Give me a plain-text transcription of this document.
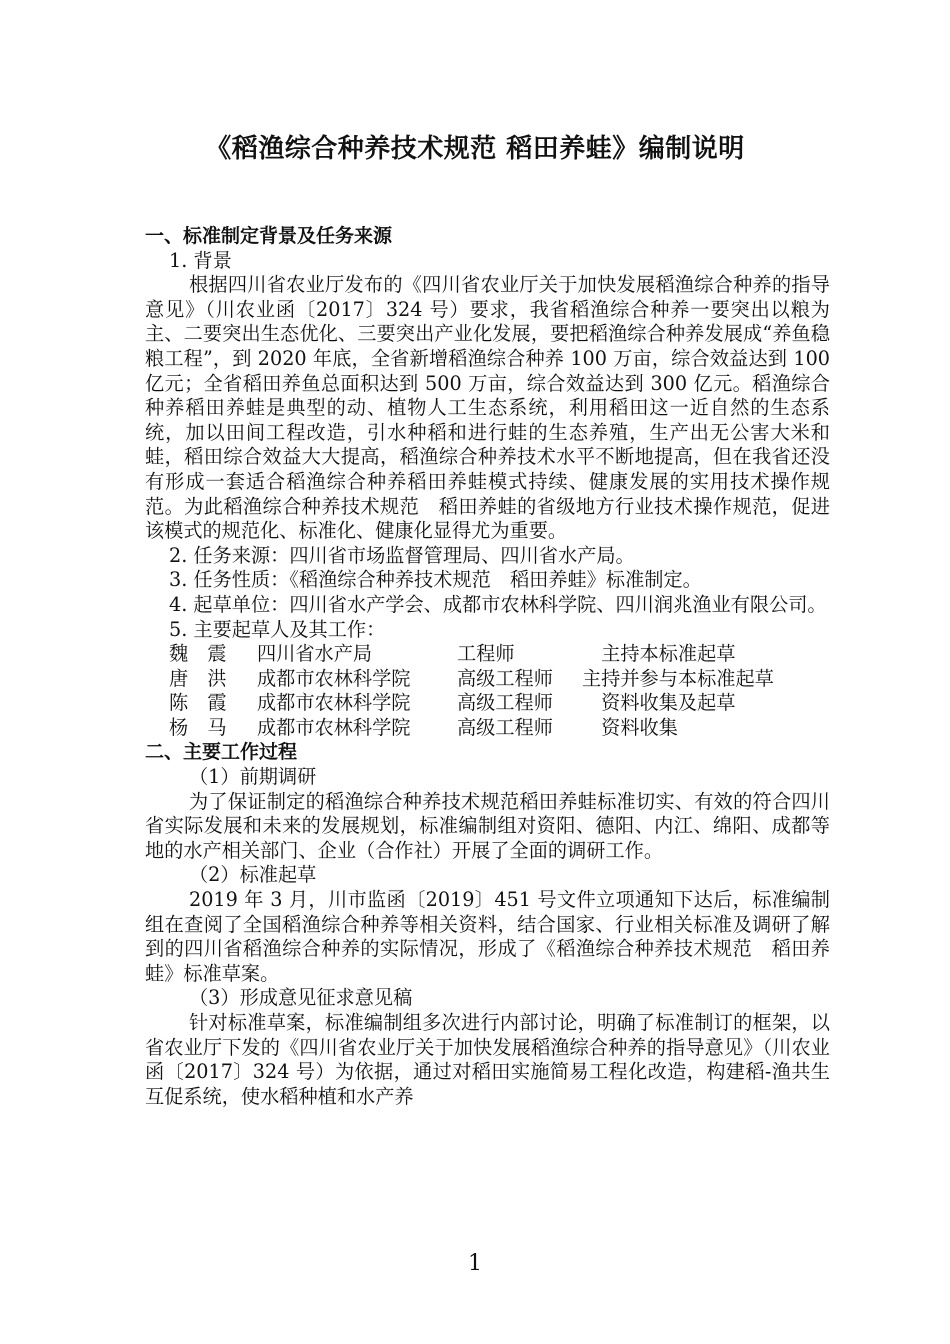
《稻渔综合种养技术规范 稻田养蛙》编制说明
一、标准制定背景及任务来源
1. 背景
根据四川省农业厅发布的《四川省农业厅关于加快发展稻渔综合种养的指导意见》（川农业函〔2017〕324 号）要求，我省稻渔综合种养一要突出以粮为主、二要突出生态优化、三要突出产业化发展，要把稻渔综合种养发展成“养鱼稳粮工程”，到 2020 年底，全省新增稻渔综合种养 100 万亩，综合效益达到 100 亿元；全省稻田养鱼总面积达到 500 万亩，综合效益达到 300 亿元。稻渔综合种养稻田养蛙是典型的动、植物人工生态系统，利用稻田这一近自然的生态系统，加以田间工程改造，引水种稻和进行蛙的生态养殖，生产出无公害大米和蛙，稻田综合效益大大提高，稻渔综合种养技术水平不断地提高，但在我省还没有形成一套适合稻渔综合种养稻田养蛙模式持续、健康发展的实用技术操作规范。为此稻渔综合种养技术规范　稻田养蛙的省级地方行业技术操作规范，促进该模式的规范化、标准化、健康化显得尤为重要。
2. 任务来源：四川省市场监督管理局、四川省水产局。
3. 任务性质：《稻渔综合种养技术规范　稻田养蛙》标准制定。
4. 起草单位：四川省水产学会、成都市农林科学院、四川润兆渔业有限公司。
5. 主要起草人及其工作：
魏　震	四川省水产局	工程师	　主持本标准起草
唐　洪	成都市农林科学院	高级工程师	主持并参与本标准起草
陈　霞	成都市农林科学院	高级工程师	　资料收集及起草
杨　马	成都市农林科学院	高级工程师	　资料收集
二、主要工作过程
（1）前期调研
为了保证制定的稻渔综合种养技术规范稻田养蛙标准切实、有效的符合四川省实际发展和未来的发展规划，标准编制组对资阳、德阳、内江、绵阳、成都等地的水产相关部门、企业（合作社）开展了全面的调研工作。
（2）标准起草
2019 年 3 月，川市监函〔2019〕451 号文件立项通知下达后，标准编制组在查阅了全国稻渔综合种养等相关资料，结合国家、行业相关标准及调研了解到的四川省稻渔综合种养的实际情况，形成了《稻渔综合种养技术规范　稻田养蛙》标准草案。
（3）形成意见征求意见稿
针对标准草案，标准编制组多次进行内部讨论，明确了标准制订的框架，以省农业厅下发的《四川省农业厅关于加快发展稻渔综合种养的指导意见》（川农业函〔2017〕324 号）为依据，通过对稻田实施简易工程化改造，构建稻-渔共生互促系统，使水稻种植和水产养
1
